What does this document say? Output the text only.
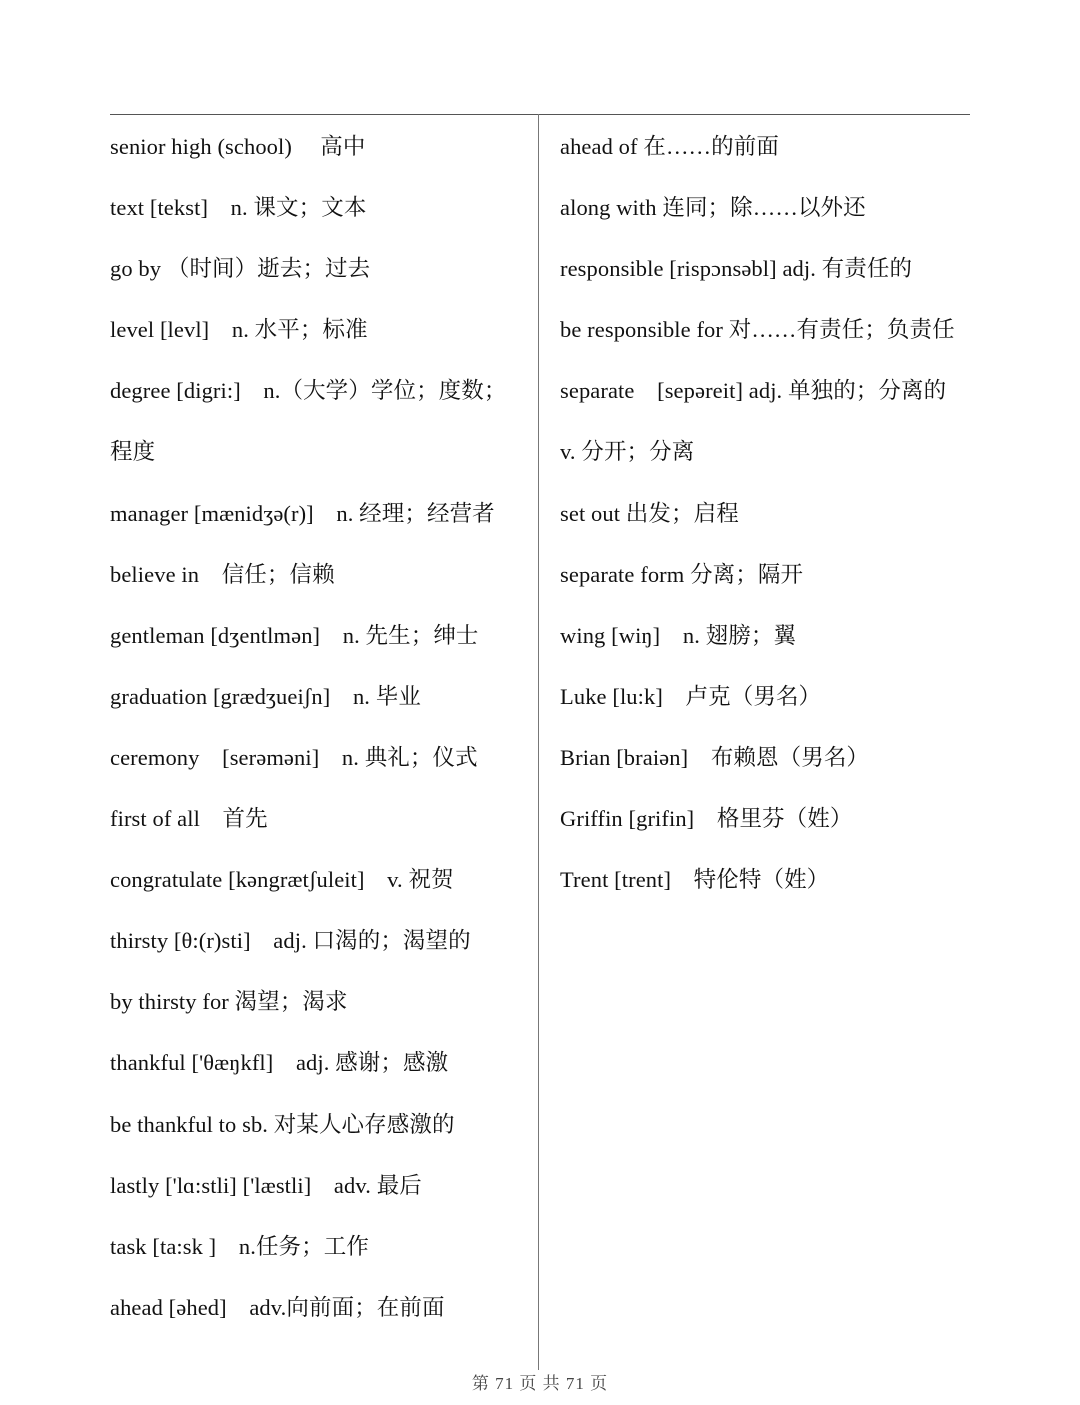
senior high (school)　 高中
text [tekst]　n. 课文；文本
go by （时间）逝去；过去
level [levl]　n. 水平；标准
degree [digri:]　n.（大学）学位；度数；
程度
manager [mænidʒə(r)]　n. 经理；经营者
believe in　信任；信赖
gentleman [dʒentlmən]　n. 先生；绅士
graduation [grædʒueiʃn]　n. 毕业
ceremony　[serəməni]　n. 典礼；仪式
first of all　首先
congratulate [kəngrætʃuleit]　v. 祝贺
thirsty [θ:(r)sti]　adj. 口渴的；渴望的
by thirsty for 渴望；渴求
thankful ['θæŋkfl]　adj. 感谢；感激
be thankful to sb. 对某人心存感激的
lastly ['lɑ:stli] ['læstli]　adv. 最后
task [ta:sk ]　n.任务；工作
ahead [əhed]　adv.向前面；在前面
ahead of 在……的前面
along with 连同；除……以外还
responsible [rispɔnsəbl] adj. 有责任的
be responsible for 对……有责任；负责任
separate　[sepəreit] adj. 单独的；分离的
v. 分开；分离
set out 出发；启程
separate form 分离；隔开
wing [wiŋ]　n. 翅膀；翼
Luke [lu:k]　卢克（男名）
Brian [braiən]　布赖恩（男名）
Griffin [grifin]　格里芬（姓）
Trent [trent]　特伦特（姓）
第 71 页 共 71 页
